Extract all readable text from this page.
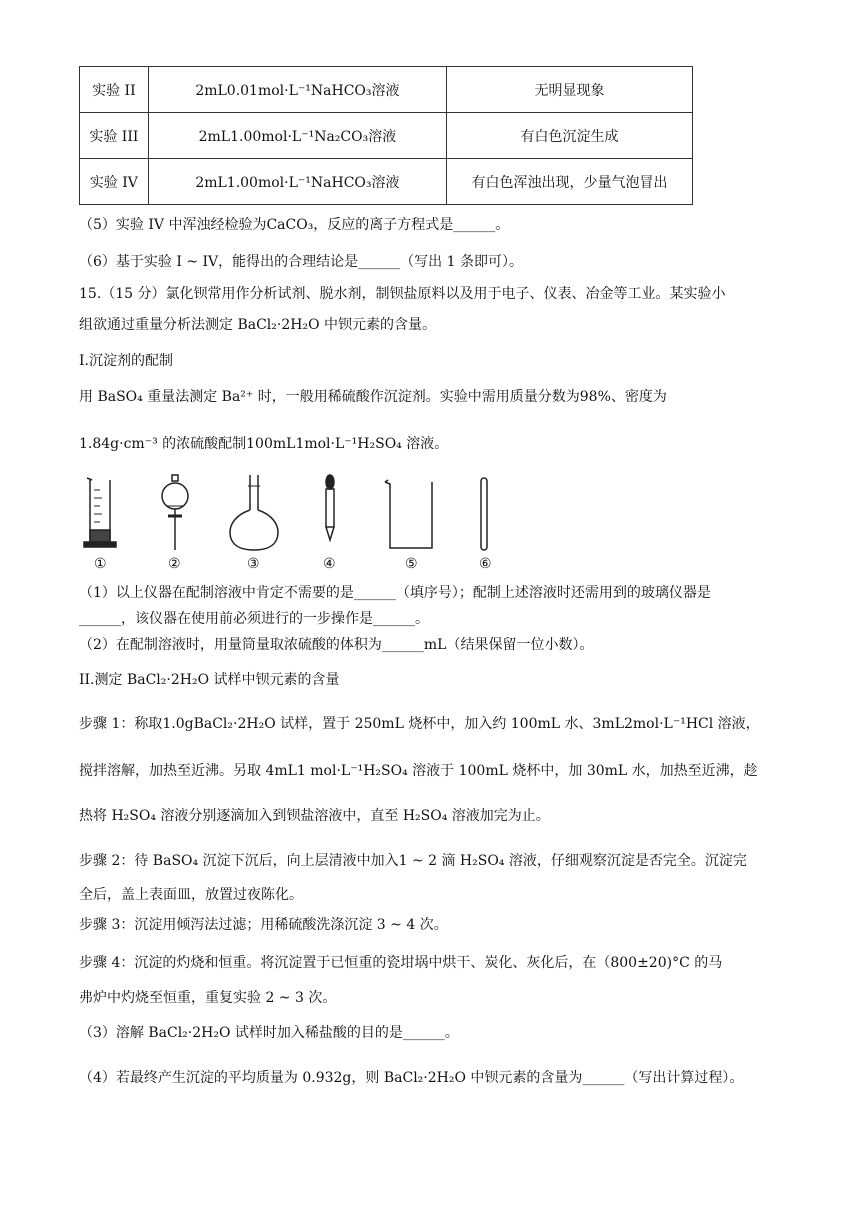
实验 II	2mL0.01mol·L⁻¹NaHCO₃溶液	无明显现象
实验 III	2mL1.00mol·L⁻¹Na₂CO₃溶液	有白色沉淀生成
实验 IV	2mL1.00mol·L⁻¹NaHCO₃溶液	有白色浑浊出现，少量气泡冒出
（5）实验 IV 中浑浊经检验为CaCO₃，反应的离子方程式是______。
（6）基于实验 I ~ IV，能得出的合理结论是______（写出 1 条即可）。
15.（15 分）氯化钡常用作分析试剂、脱水剂，制钡盐原料以及用于电子、仪表、冶金等工业。某实验小
组欲通过重量分析法测定 BaCl₂·2H₂O 中钡元素的含量。
I.沉淀剂的配制
用 BaSO₄ 重量法测定 Ba²⁺ 时，一般用稀硫酸作沉淀剂。实验中需用质量分数为98%、密度为
1.84g·cm⁻³ 的浓硫酸配制100mL1mol·L⁻¹H₂SO₄ 溶液。
①	②	③	④	⑤	⑥
（1）以上仪器在配制溶液中肯定不需要的是______（填序号）；配制上述溶液时还需用到的玻璃仪器是
______，该仪器在使用前必须进行的一步操作是______。
（2）在配制溶液时，用量筒量取浓硫酸的体积为______mL（结果保留一位小数）。
II.测定 BaCl₂·2H₂O 试样中钡元素的含量
步骤 1：称取1.0gBaCl₂·2H₂O 试样，置于 250mL 烧杯中，加入约 100mL 水、3mL2mol·L⁻¹HCl 溶液，
搅拌溶解，加热至近沸。另取 4mL1 mol·L⁻¹H₂SO₄ 溶液于 100mL 烧杯中，加 30mL 水，加热至近沸，趁
热将 H₂SO₄ 溶液分别逐滴加入到钡盐溶液中，直至 H₂SO₄ 溶液加完为止。
步骤 2：待 BaSO₄ 沉淀下沉后，向上层清液中加入1 ~ 2 滴 H₂SO₄ 溶液，仔细观察沉淀是否完全。沉淀完
全后，盖上表面皿，放置过夜陈化。
步骤 3：沉淀用倾泻法过滤；用稀硫酸洗涤沉淀 3 ~ 4 次。
步骤 4：沉淀的灼烧和恒重。将沉淀置于已恒重的瓷坩埚中烘干、炭化、灰化后，在（800±20)°C 的马
弗炉中灼烧至恒重，重复实验 2 ~ 3 次。
（3）溶解 BaCl₂·2H₂O 试样时加入稀盐酸的目的是______。
（4）若最终产生沉淀的平均质量为 0.932g，则 BaCl₂·2H₂O 中钡元素的含量为______（写出计算过程）。
